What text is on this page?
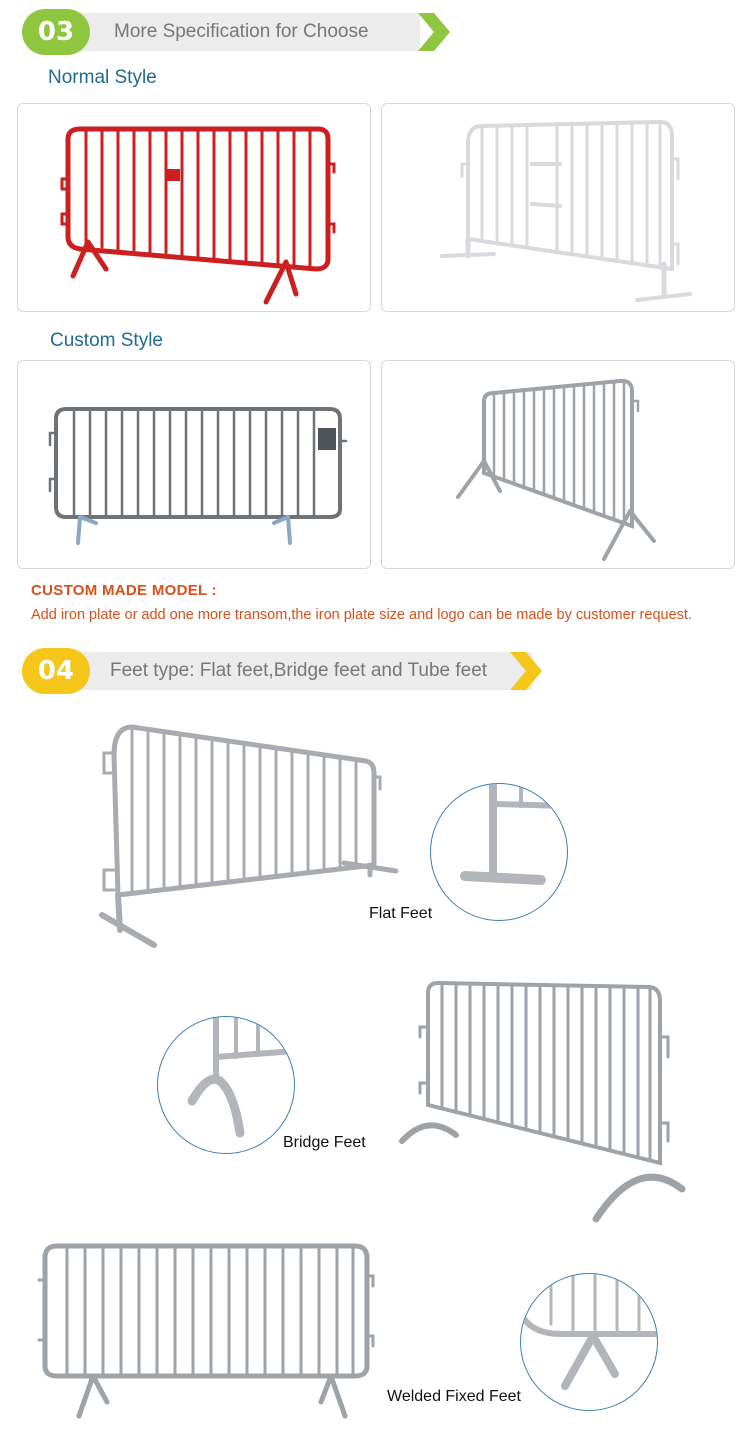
03	More Specification for Choose
Normal Style
Custom Style
CUSTOM MADE MODEL :
Add iron plate or add one more transom,the iron plate size and logo can be made by customer request.
04	Feet type: Flat feet,Bridge feet and Tube feet
Flat Feet
Bridge Feet
Welded Fixed Feet
